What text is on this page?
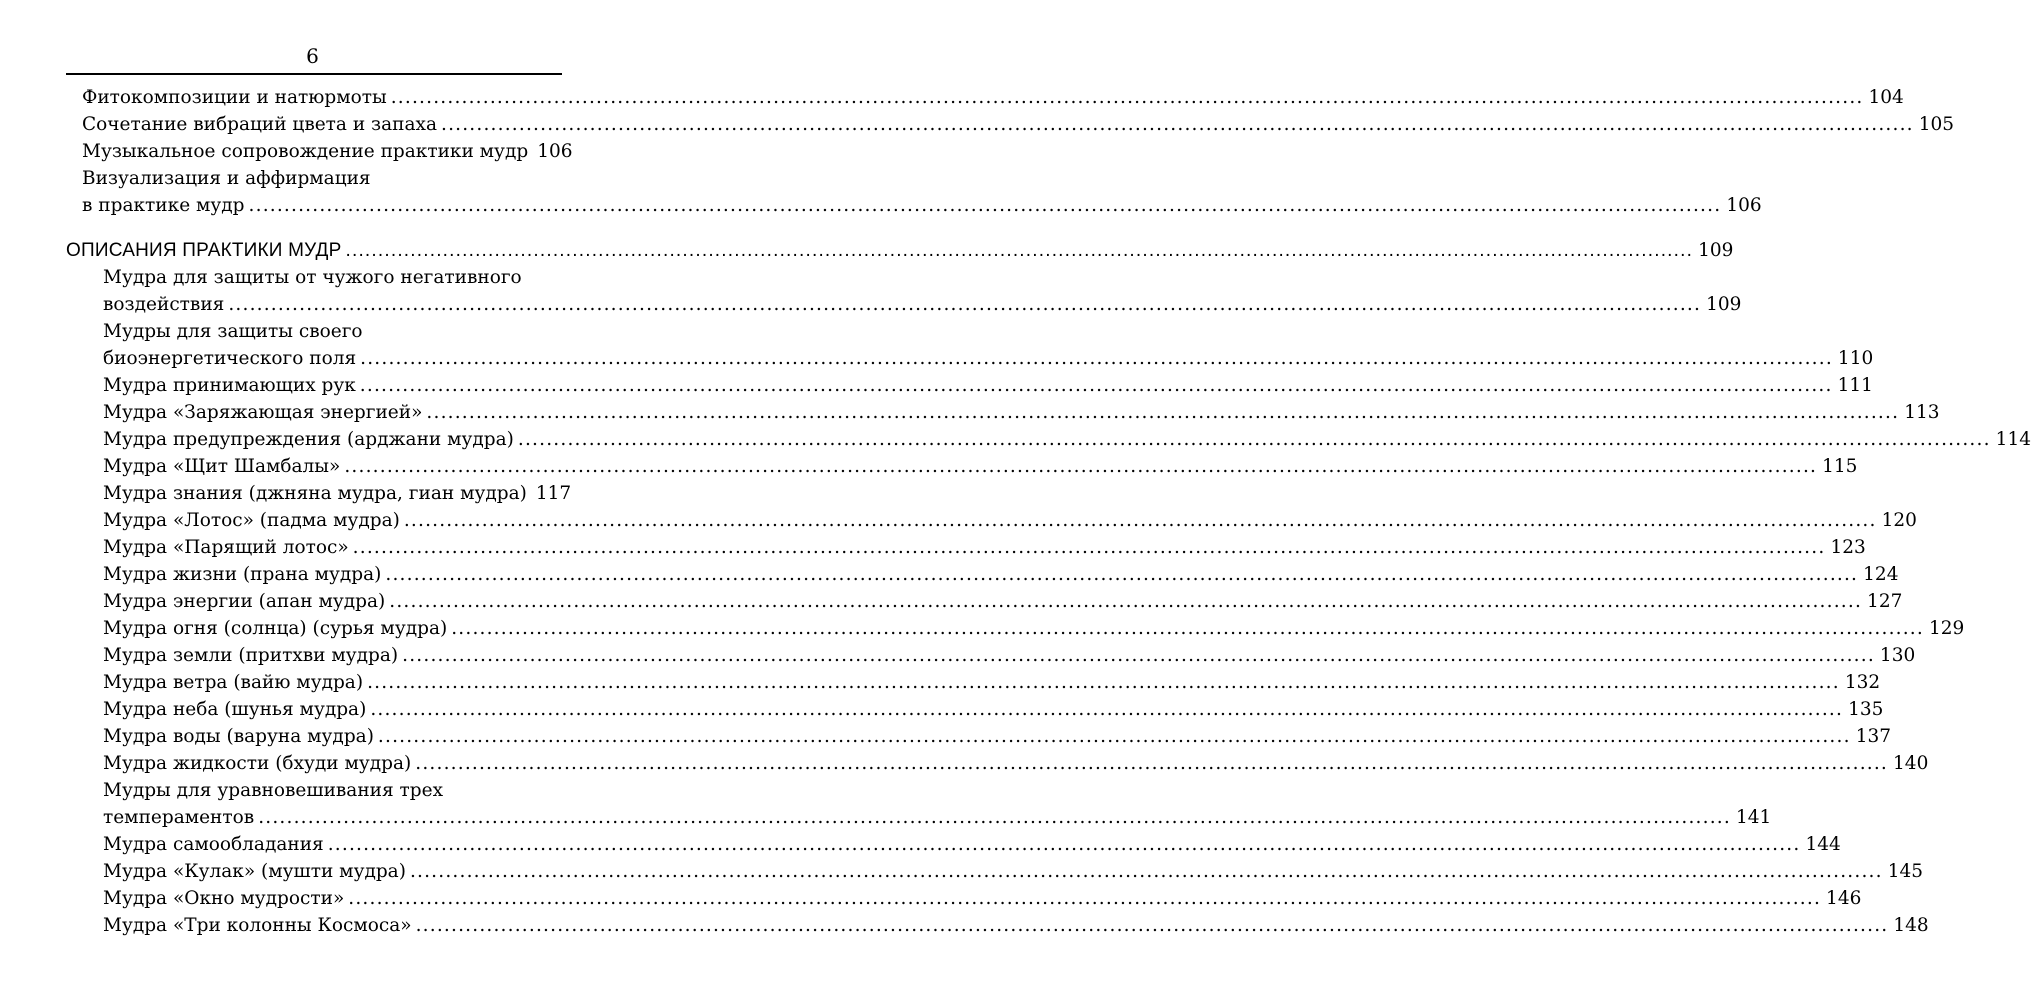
6
Фитокомпозиции и натюрмоты .....	104
Сочетание вибраций цвета и запаха .....	105
Музыкальное сопровождение практики мудр 106
Визуализация и аффирмация
в практике мудр .....	106
ОПИСАНИЯ ПРАКТИКИ МУДР .....	109
Мудра для защиты от чужого негативного
воздействия .....	109
Мудры для защиты своего
биоэнергетического поля .....	110
Мудра принимающих рук .....	111
Мудра «Заряжающая энергией» .....	113
Мудра предупреждения (арджани мудра) .....	114
Мудра «Щит Шамбалы» .....	115
Мудра знания (джняна мудра, гиан мудра) 117
Мудра «Лотос» (падма мудра) .....	120
Мудра «Парящий лотос» .....	123
Мудра жизни (прана мудра) .....	124
Мудра энергии (апан мудра) .....	127
Мудра огня (солнца) (сурья мудра) .....	129
Мудра земли (притхви мудра) .....	130
Мудра ветра (вайю мудра) .....	132
Мудра неба (шунья мудра) .....	135
Мудра воды (варуна мудра) .....	137
Мудра жидкости (бхуди мудра) .....	140
Мудры для уравновешивания трех
темпераментов .....	141
Мудра самообладания .....	144
Мудра «Кулак» (мушти мудра) .....	145
Мудра «Окно мудрости» .....	146
Мудра «Три колонны Космоса» .....	148
